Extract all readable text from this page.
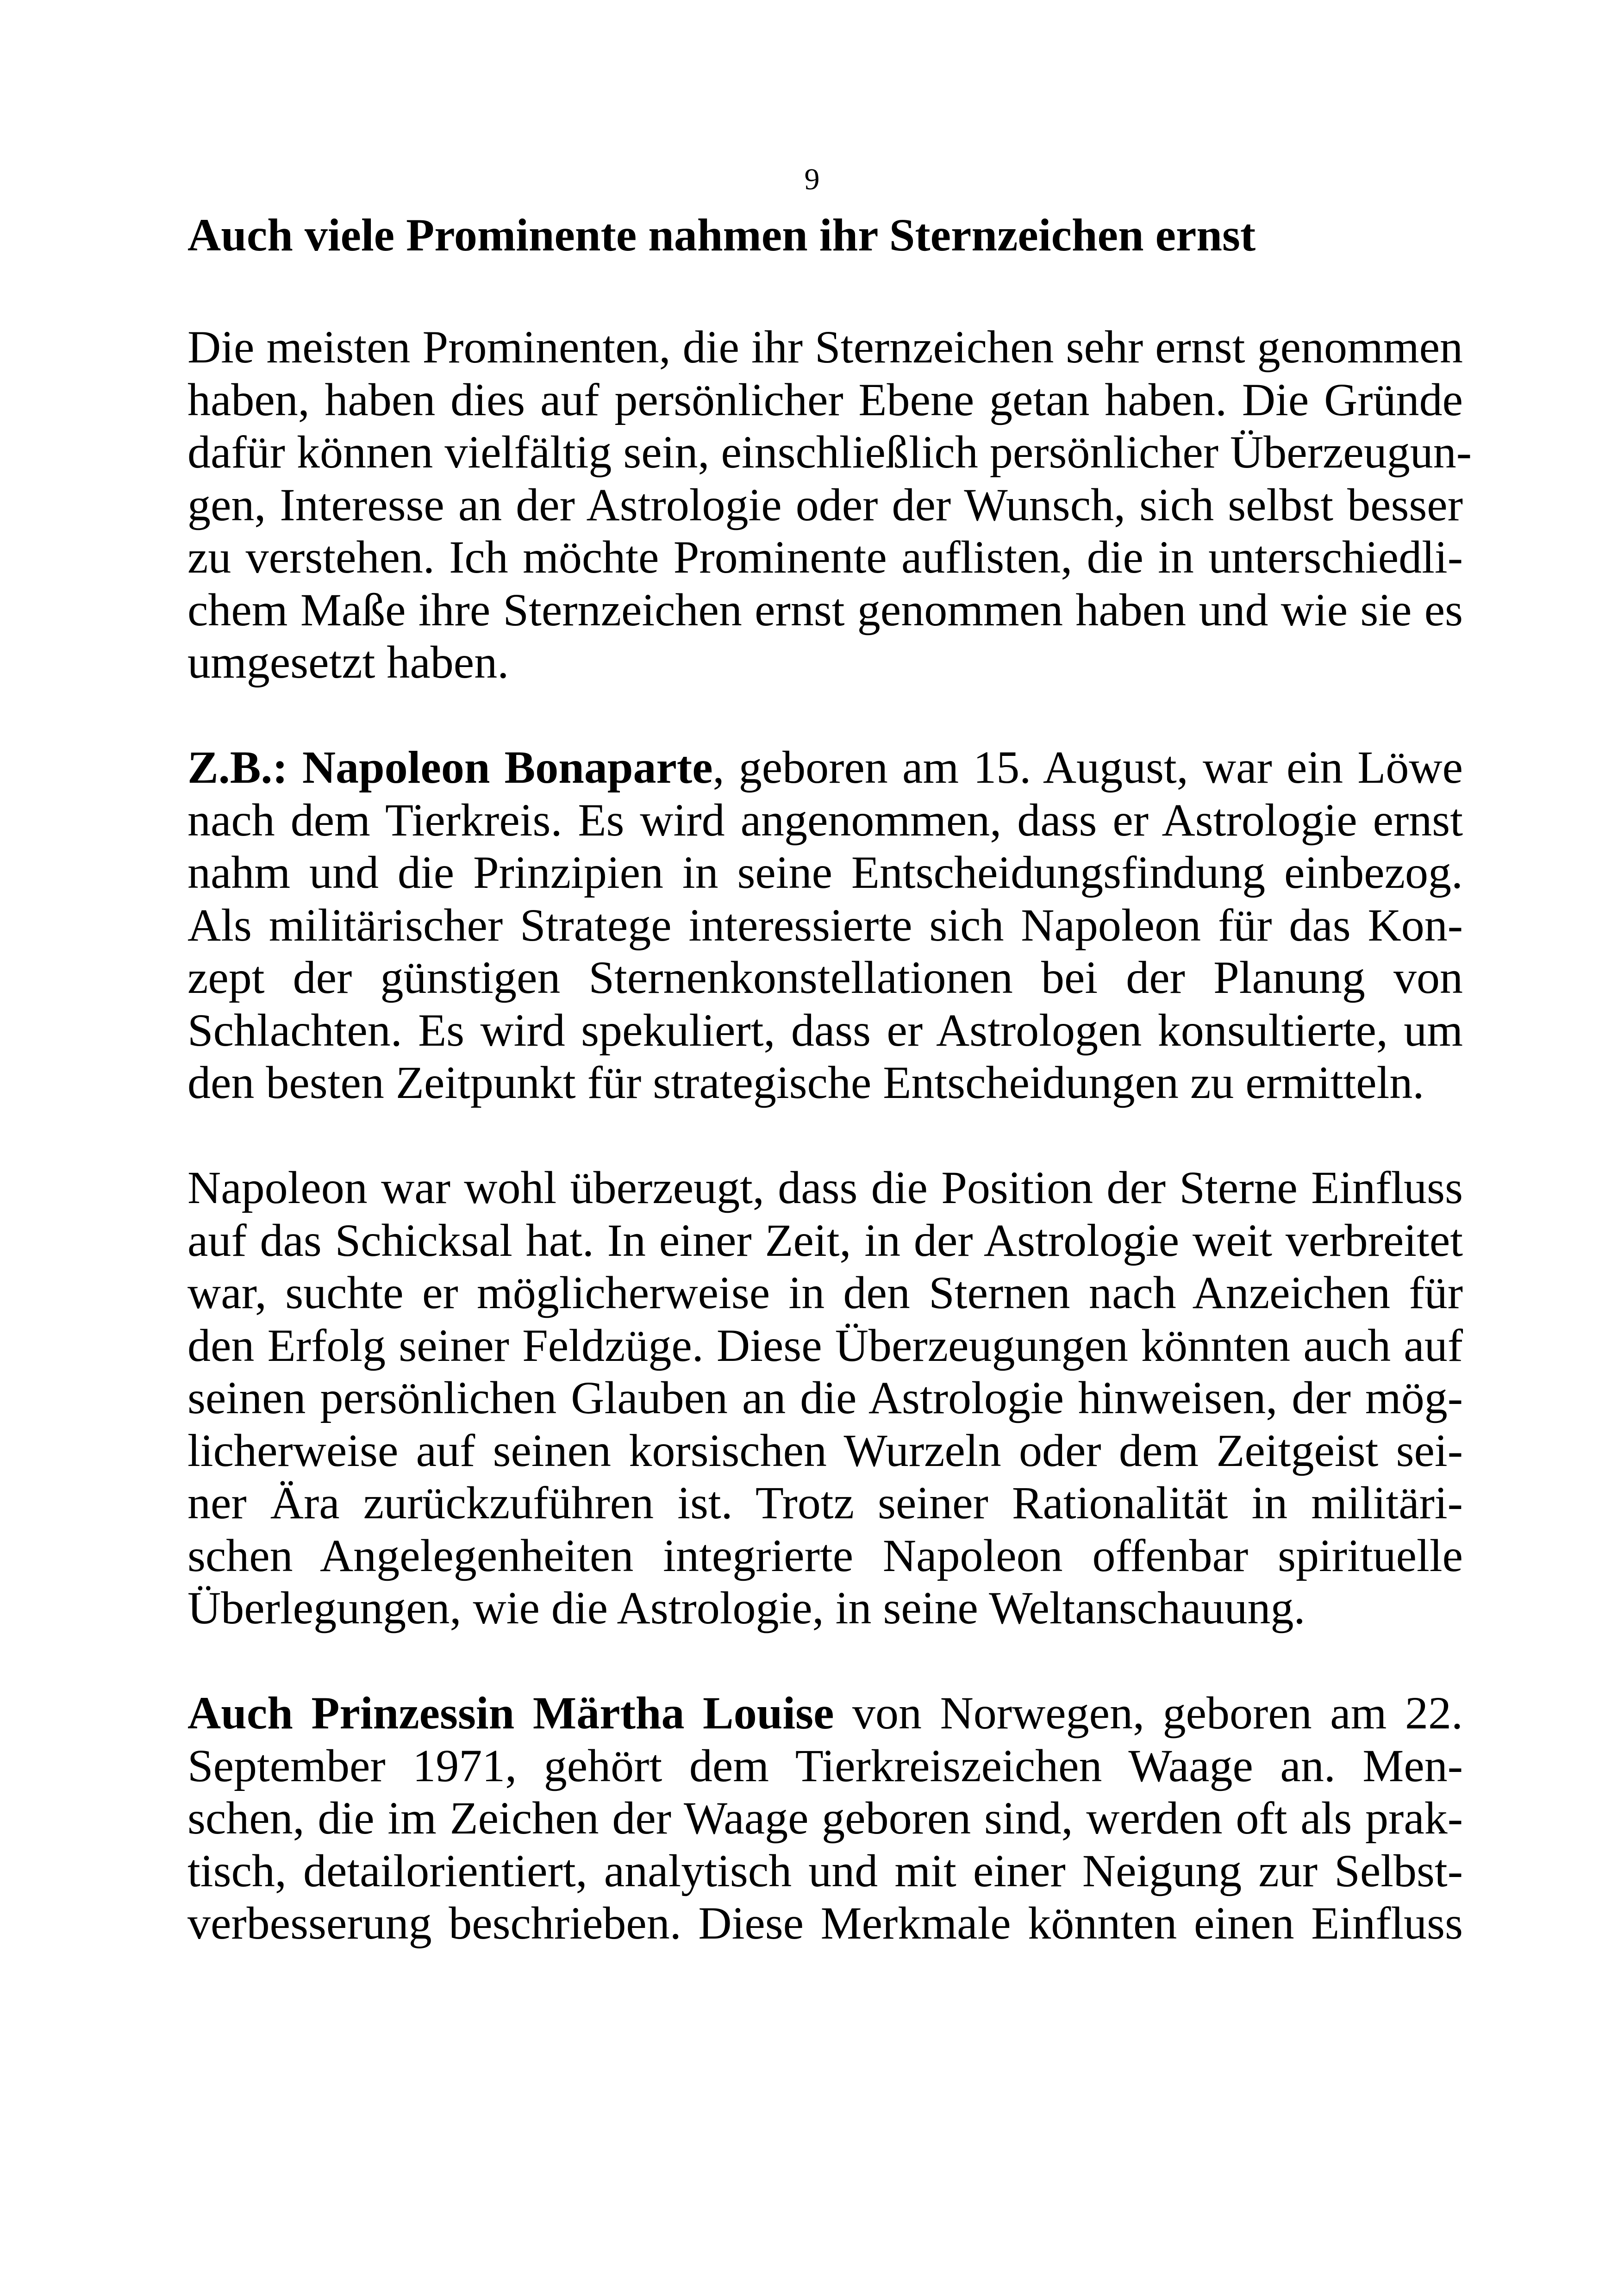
9
Auch viele Prominente nahmen ihr Sternzeichen ernst
Die meisten Prominenten, die ihr Sternzeichen sehr ernst genommen
haben, haben dies auf persönlicher Ebene getan haben. Die Gründe
dafür können vielfältig sein, einschließlich persönlicher Überzeugun-
gen, Interesse an der Astrologie oder der Wunsch, sich selbst besser
zu verstehen. Ich möchte Prominente auflisten, die in unterschiedli-
chem Maße ihre Sternzeichen ernst genommen haben und wie sie es
umgesetzt haben.
Z.B.: Napoleon Bonaparte, geboren am 15. August, war ein Löwe
nach dem Tierkreis. Es wird angenommen, dass er Astrologie ernst
nahm und die Prinzipien in seine Entscheidungsfindung einbezog.
Als militärischer Stratege interessierte sich Napoleon für das Kon-
zept der günstigen Sternenkonstellationen bei der Planung von
Schlachten. Es wird spekuliert, dass er Astrologen konsultierte, um
den besten Zeitpunkt für strategische Entscheidungen zu ermitteln.
Napoleon war wohl überzeugt, dass die Position der Sterne Einfluss
auf das Schicksal hat. In einer Zeit, in der Astrologie weit verbreitet
war, suchte er möglicherweise in den Sternen nach Anzeichen für
den Erfolg seiner Feldzüge. Diese Überzeugungen könnten auch auf
seinen persönlichen Glauben an die Astrologie hinweisen, der mög-
licherweise auf seinen korsischen Wurzeln oder dem Zeitgeist sei-
ner Ära zurückzuführen ist. Trotz seiner Rationalität in militäri-
schen Angelegenheiten integrierte Napoleon offenbar spirituelle
Überlegungen, wie die Astrologie, in seine Weltanschauung.
Auch Prinzessin Märtha Louise von Norwegen, geboren am 22.
September 1971, gehört dem Tierkreiszeichen Waage an. Men-
schen, die im Zeichen der Waage geboren sind, werden oft als prak-
tisch, detailorientiert, analytisch und mit einer Neigung zur Selbst-
verbesserung beschrieben. Diese Merkmale könnten einen Einfluss
